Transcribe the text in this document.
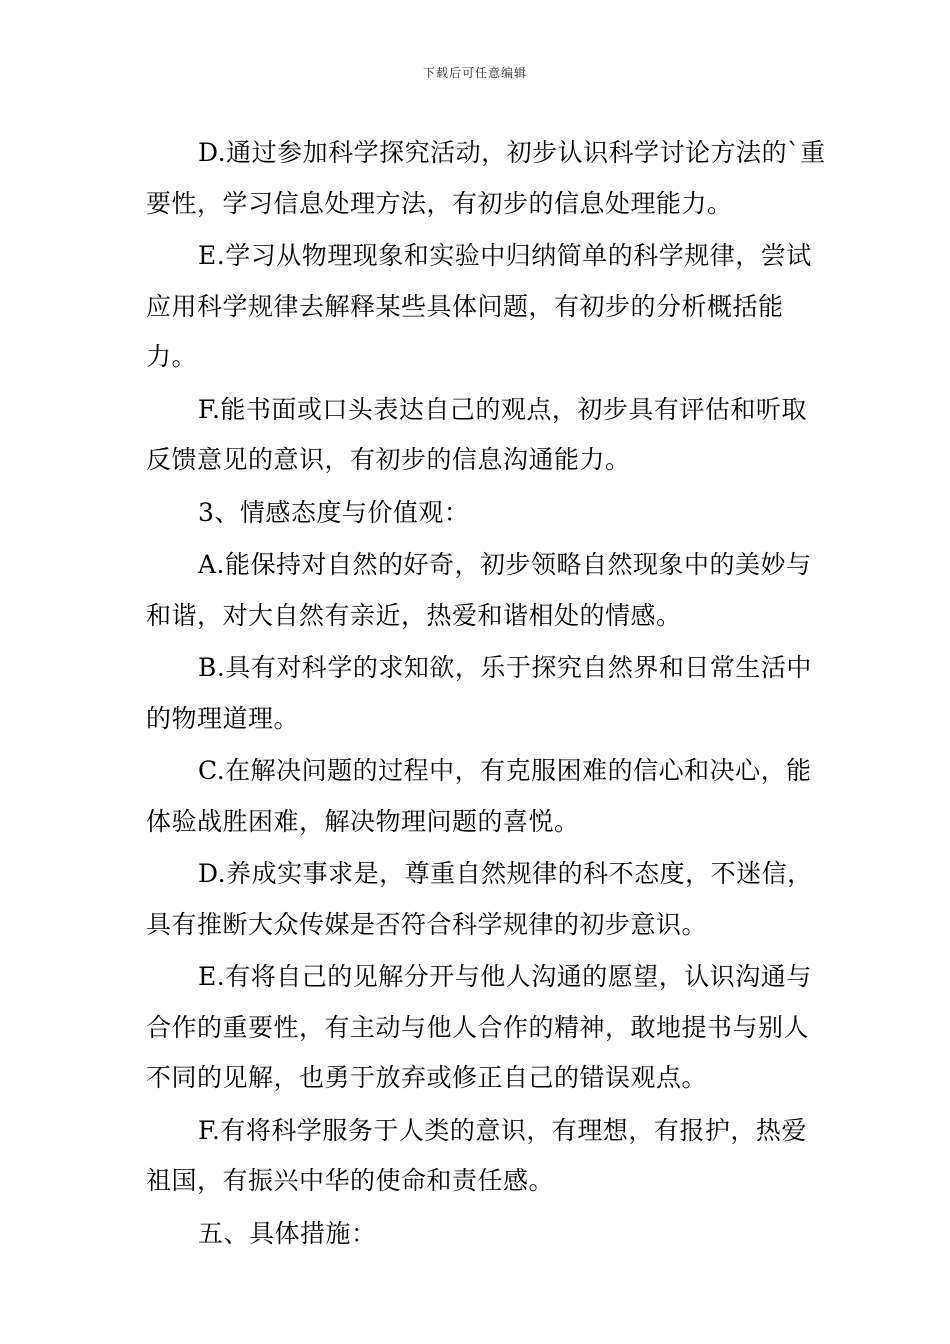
下载后可任意编辑

D.通过参加科学探究活动，初步认识科学讨论方法的`重要性，学习信息处理方法，有初步的信息处理能力。

E.学习从物理现象和实验中归纳简单的科学规律，尝试应用科学规律去解释某些具体问题，有初步的分析概括能力。

F.能书面或口头表达自己的观点，初步具有评估和听取反馈意见的意识，有初步的信息沟通能力。

3、情感态度与价值观：

A.能保持对自然的好奇，初步领略自然现象中的美妙与和谐，对大自然有亲近，热爱和谐相处的情感。

B.具有对科学的求知欲，乐于探究自然界和日常生活中的物理道理。

C.在解决问题的过程中，有克服困难的信心和决心，能体验战胜困难，解决物理问题的喜悦。

D.养成实事求是，尊重自然规律的科不态度，不迷信，具有推断大众传媒是否符合科学规律的初步意识。

E.有将自己的见解分开与他人沟通的愿望，认识沟通与合作的重要性，有主动与他人合作的精神，敢地提书与别人不同的见解，也勇于放弃或修正自己的错误观点。

F.有将科学服务于人类的意识，有理想，有报护，热爱祖国，有振兴中华的使命和责任感。

五、具体措施：
